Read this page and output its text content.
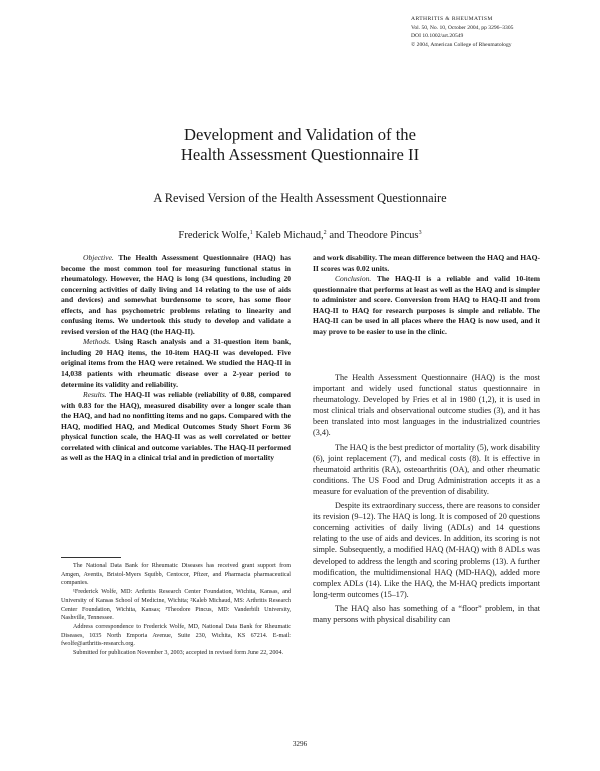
ARTHRITIS & RHEUMATISM
Vol. 50, No. 10, October 2004, pp 3296–3305
DOI 10.1002/art.20549
© 2004, American College of Rheumatology
Development and Validation of the
Health Assessment Questionnaire II
A Revised Version of the Health Assessment Questionnaire
Frederick Wolfe,$^1$ Kaleb Michaud,$^2$ and Theodore Pincus$^3$

Objective. The Health Assessment Questionnaire (HAQ) has become the most common tool for measuring functional status in rheumatology. However, the HAQ is long (34 questions, including 20 concerning activities of daily living and 14 relating to the use of aids and devices) and somewhat burdensome to score, has some floor effects, and has psychometric problems relating to linearity and confusing items. We undertook this study to develop and validate a revised version of the HAQ (the HAQ-II).

Methods. Using Rasch analysis and a 31-question item bank, including 20 HAQ items, the 10-item HAQ-II was developed. Five original items from the HAQ were retained. We studied the HAQ-II in 14,038 patients with rheumatic disease over a 2-year period to determine its validity and reliability.

Results. The HAQ-II was reliable (reliability of 0.88, compared with 0.83 for the HAQ), measured disability over a longer scale than the HAQ, and had no nonfitting items and no gaps. Compared with the HAQ, modified HAQ, and Medical Outcomes Study Short Form 36 physical function scale, the HAQ-II was as well correlated or better correlated with clinical and outcome variables. The HAQ-II performed as well as the HAQ in a clinical trial and in prediction of mortality

and work disability. The mean difference between the HAQ and HAQ-II scores was 0.02 units.

Conclusion. The HAQ-II is a reliable and valid 10-item questionnaire that performs at least as well as the HAQ and is simpler to administer and score. Conversion from HAQ to HAQ-II and from HAQ-II to HAQ for research purposes is simple and reliable. The HAQ-II can be used in all places where the HAQ is now used, and it may prove to be easier to use in the clinic.

The Health Assessment Questionnaire (HAQ) is the most important and widely used functional status questionnaire in rheumatology. Developed by Fries et al in 1980 (1,2), it is used in most clinical trials and observational outcome studies (3), and it has been translated into most languages in the industrialized countries (3,4).

The HAQ is the best predictor of mortality (5), work disability (6), joint replacement (7), and medical costs (8). It is effective in rheumatoid arthritis (RA), osteoarthritis (OA), and other rheumatic conditions. The US Food and Drug Administration accepts it as a measure for evaluation of the prevention of disability.

Despite its extraordinary success, there are reasons to consider its revision (9–12). The HAQ is long. It is composed of 20 questions concerning activities of daily living (ADLs) and 14 questions relating to the use of aids and devices. In addition, its scoring is not simple. Subsequently, a modified HAQ (M-HAQ) with 8 ADLs was developed to address the length and scoring problems (13). A further modification, the multidimensional HAQ (MD-HAQ), added more complex ADLs (14). Like the HAQ, the M-HAQ predicts important long-term outcomes (15–17).

The HAQ also has something of a “floor” problem, in that many persons with physical disability can

The National Data Bank for Rheumatic Diseases has received grant support from Amgen, Aventis, Bristol-Myers Squibb, Centocor, Pfizer, and Pharmacia pharmaceutical companies.

¹Frederick Wolfe, MD: Arthritis Research Center Foundation, Wichita, Kansas, and University of Kansas School of Medicine, Wichita; ²Kaleb Michaud, MS: Arthritis Research Center Foundation, Wichita, Kansas; ³Theodore Pincus, MD: Vanderbilt University, Nashville, Tennessee.

Address correspondence to Frederick Wolfe, MD, National Data Bank for Rheumatic Diseases, 1035 North Emporia Avenue, Suite 230, Wichita, KS 67214. E-mail: fwolfe@arthritis-research.org.

Submitted for publication November 3, 2003; accepted in revised form June 22, 2004.

3296
